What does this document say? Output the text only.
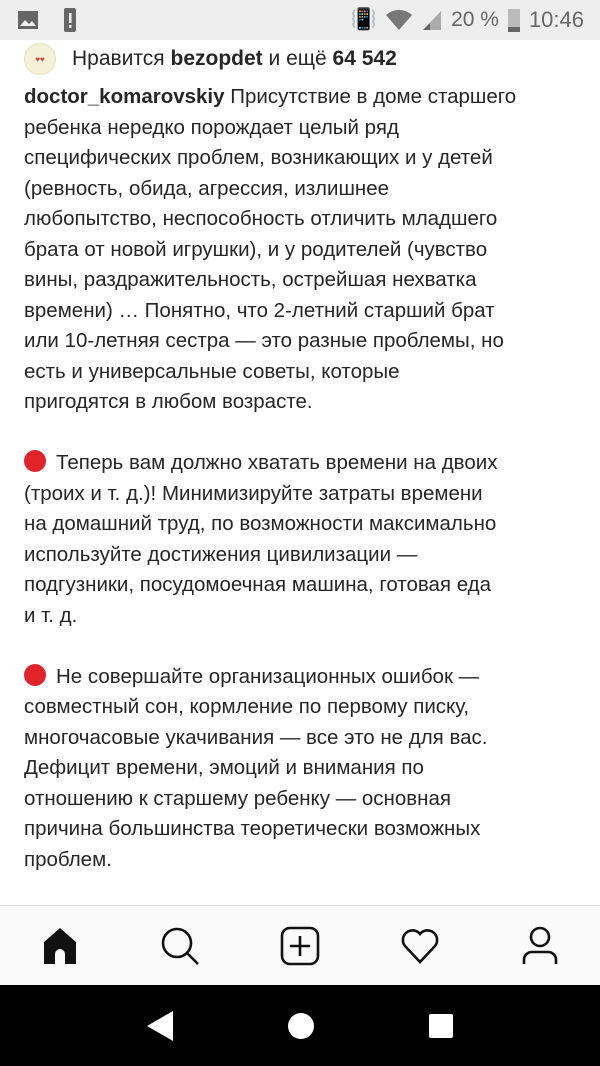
📳	20 % 10:46
♥♥	Нравится bezopdet и ещё 64 542
doctor_komarovskiy Присутствие в доме старшего
ребенка нередко порождает целый ряд
специфических проблем, возникающих и у детей
(ревность, обида, агрессия, излишнее
любопытство, неспособность отличить младшего
брата от новой игрушки), и у родителей (чувство
вины, раздражительность, острейшая нехватка
времени) … Понятно, что 2-летний старший брат
или 10-летняя сестра — это разные проблемы, но
есть и универсальные советы, которые
пригодятся в любом возрасте.
Теперь вам должно хватать времени на двоих
(троих и т. д.)! Минимизируйте затраты времени
на домашний труд, по возможности максимально
используйте достижения цивилизации —
подгузники, посудомоечная машина, готовая еда
и т. д.
Не совершайте организационных ошибок —
совместный сон, кормление по первому писку,
многочасовые укачивания — все это не для вас.
Дефицит времени, эмоций и внимания по
отношению к старшему ребенку — основная
причина большинства теоретически возможных
проблем.
